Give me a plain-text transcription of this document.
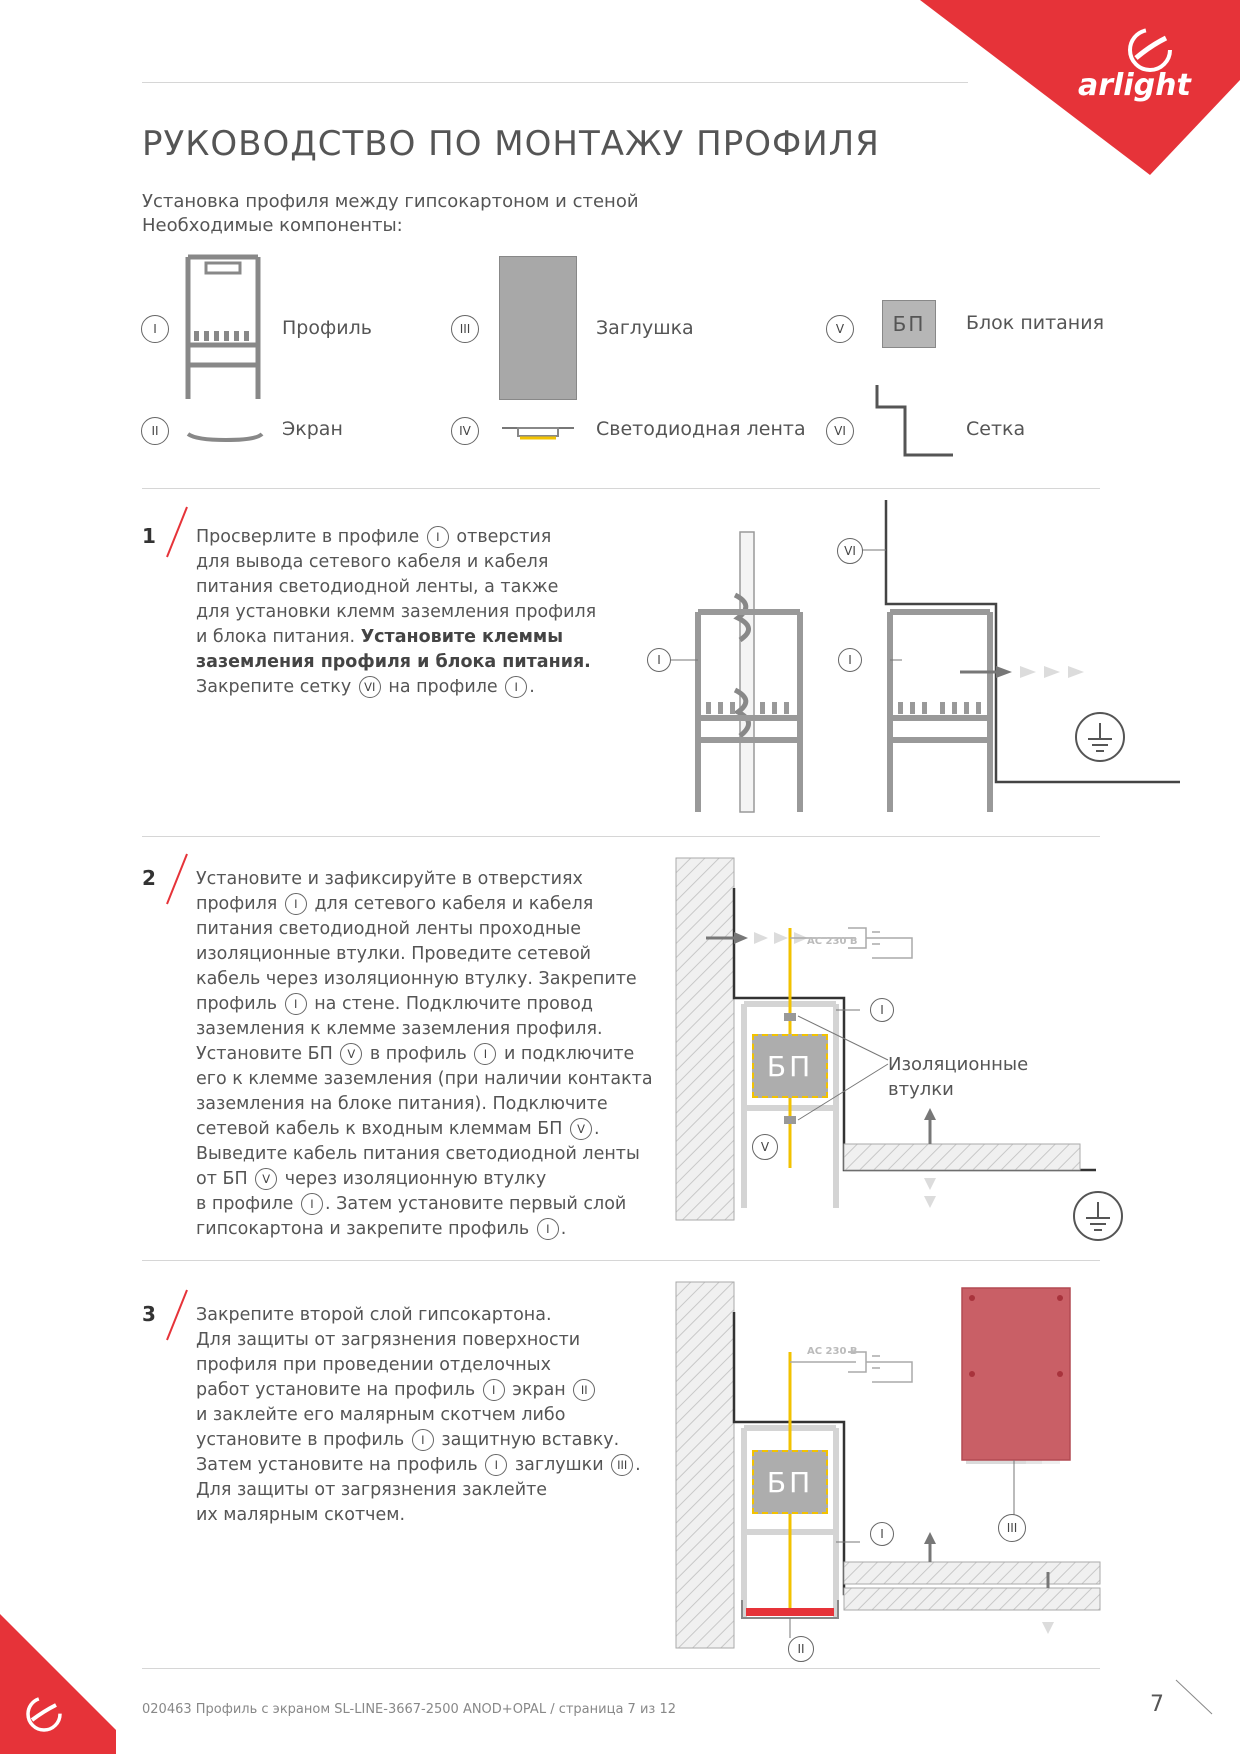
arlight
РУКОВОДСТВО ПО МОНТАЖУ ПРОФИЛЯ
Установка профиля между гипсокартоном и стеной
Необходимые компоненты:
I	Профиль
II	Экран
III	Заглушка
IV	Светодиодная лента
V	Блок питания
VI	Сетка
БП
1 Просверлите в профиле I отверстия
для вывода сетевого кабеля и кабеля
питания светодиодной ленты, а также
для установки клемм заземления профиля
и блока питания. Установите клеммы
заземления профиля и блока питания.
Закрепите сетку VI на профиле I .
I
VI
I
2 Установите и зафиксируйте в отверстиях
профиля I для сетевого кабеля и кабеля
питания светодиодной ленты проходные
изоляционные втулки. Проведите сетевой
кабель через изоляционную втулку. Закрепите
профиль I на стене. Подключите провод
заземления к клемме заземления профиля.
Установите БП V в профиль I и подключите
его к клемме заземления (при наличии контакта
заземления на блоке питания). Подключите
сетевой кабель к входным клеммам БП V .
Выведите кабель питания светодиодной ленты
от БП V через изоляционную втулку
в профиле I . Затем установите первый слой
гипсокартона и закрепите профиль I .
AC 230 B
БП
I
V
Изоляционные
втулки
3 Закрепите второй слой гипсокартона.
Для защиты от загрязнения поверхности
профиля при проведении отделочных
работ установите на профиль I экран II
и заклейте его малярным скотчем либо
установите в профиль I защитную вставку.
Затем установите на профиль I заглушки III .
Для защиты от загрязнения заклейте
их малярным скотчем.
AC 230 B
БП
I	III
II
020463 Профиль с экраном SL-LINE-3667-2500 ANOD+OPAL / страница 7 из 12	7
